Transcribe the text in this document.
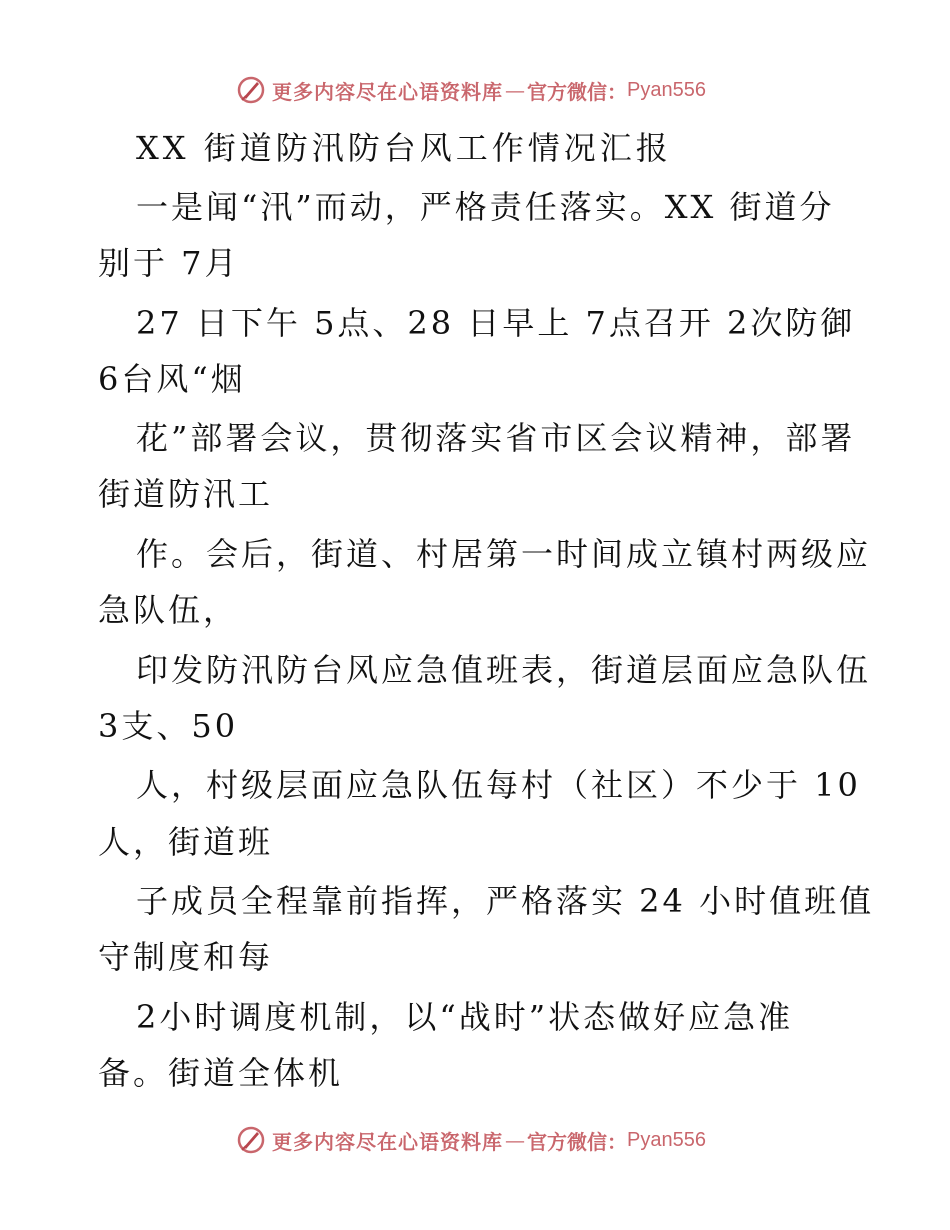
更多内容尽在心语资料库 — 官方微信： Pyan556
XX 街道防汛防台风工作情况汇报
一是闻“汛”而动，严格责任落实。XX 街道分
别于 7月
27 日下午 5点、28 日早上 7点召开 2次防御
6台风“烟
花”部署会议，贯彻落实省市区会议精神，部署
街道防汛工
作。会后，街道、村居第一时间成立镇村两级应
急队伍，
印发防汛防台风应急值班表，街道层面应急队伍
3支、50
人，村级层面应急队伍每村（社区）不少于 10
人，街道班
子成员全程靠前指挥，严格落实 24 小时值班值
守制度和每
2小时调度机制，以“战时”状态做好应急准
备。街道全体机
更多内容尽在心语资料库 — 官方微信： Pyan556
